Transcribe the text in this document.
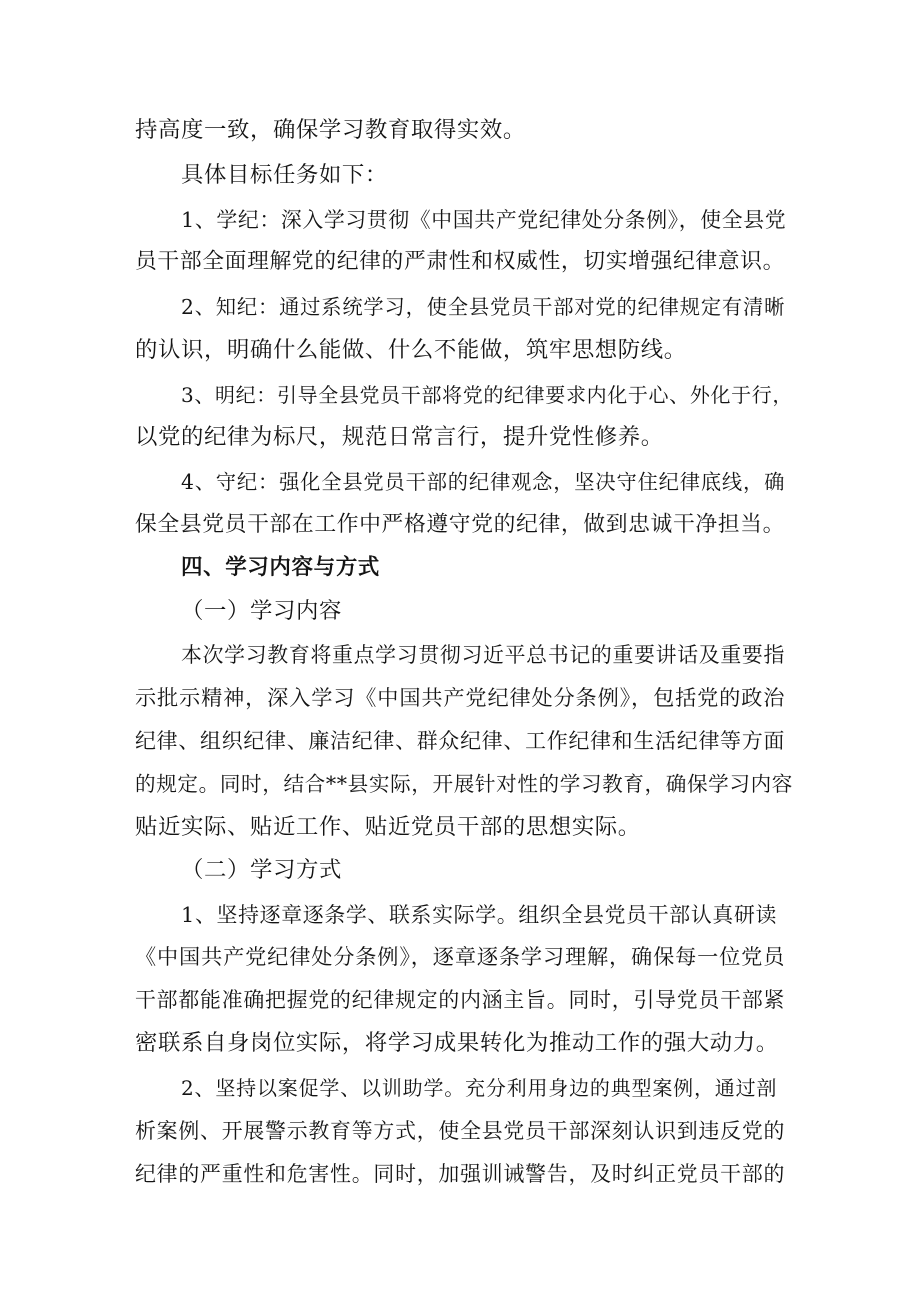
持高度一致，确保学习教育取得实效。
具体目标任务如下：
1、学纪：深入学习贯彻《中国共产党纪律处分条例》，使全县党
员干部全面理解党的纪律的严肃性和权威性，切实增强纪律意识。
2、知纪：通过系统学习，使全县党员干部对党的纪律规定有清晰
的认识，明确什么能做、什么不能做，筑牢思想防线。
3、明纪：引导全县党员干部将党的纪律要求内化于心、外化于行，
以党的纪律为标尺，规范日常言行，提升党性修养。
4、守纪：强化全县党员干部的纪律观念，坚决守住纪律底线，确
保全县党员干部在工作中严格遵守党的纪律，做到忠诚干净担当。
四、学习内容与方式
（一）学习内容
本次学习教育将重点学习贯彻习近平总书记的重要讲话及重要指
示批示精神，深入学习《中国共产党纪律处分条例》，包括党的政治
纪律、组织纪律、廉洁纪律、群众纪律、工作纪律和生活纪律等方面
的规定。同时，结合**县实际，开展针对性的学习教育，确保学习内容
贴近实际、贴近工作、贴近党员干部的思想实际。
（二）学习方式
1、坚持逐章逐条学、联系实际学。组织全县党员干部认真研读
《中国共产党纪律处分条例》，逐章逐条学习理解，确保每一位党员
干部都能准确把握党的纪律规定的内涵主旨。同时，引导党员干部紧
密联系自身岗位实际，将学习成果转化为推动工作的强大动力。
2、坚持以案促学、以训助学。充分利用身边的典型案例，通过剖
析案例、开展警示教育等方式，使全县党员干部深刻认识到违反党的
纪律的严重性和危害性。同时，加强训诫警告，及时纠正党员干部的
